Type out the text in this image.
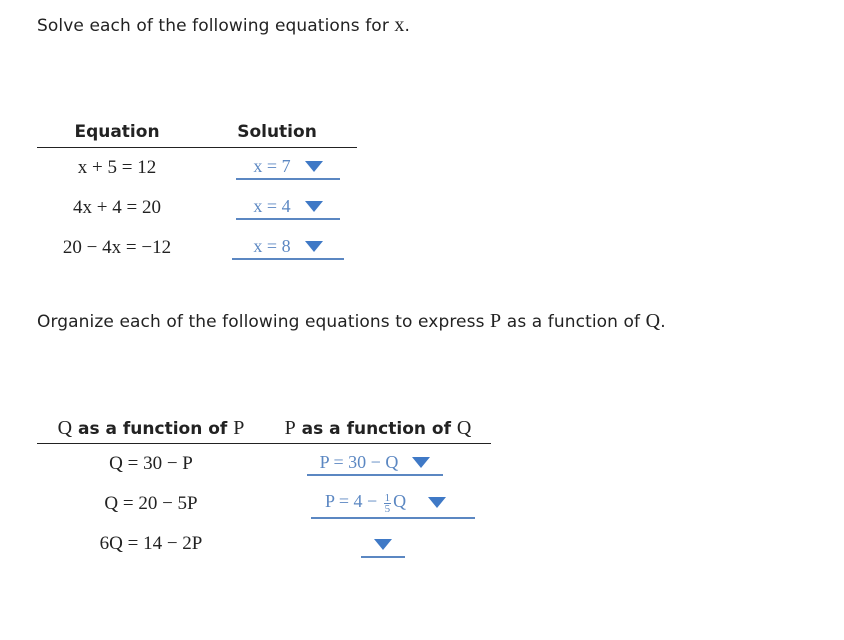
Solve each of the following equations for x.
Equation	Solution
x + 5 = 12	x = 7

4x + 4 = 20	x = 4

20 − 4x = −12	x = 8
Organize each of the following equations to express P as a function of Q.
Q as a function of P	P as a function of Q
Q = 30 − P	P = 30 − Q

Q = 20 − 5P	$P = 4 - \frac{1}{5}$ Q

6Q = 14 − 2P	
